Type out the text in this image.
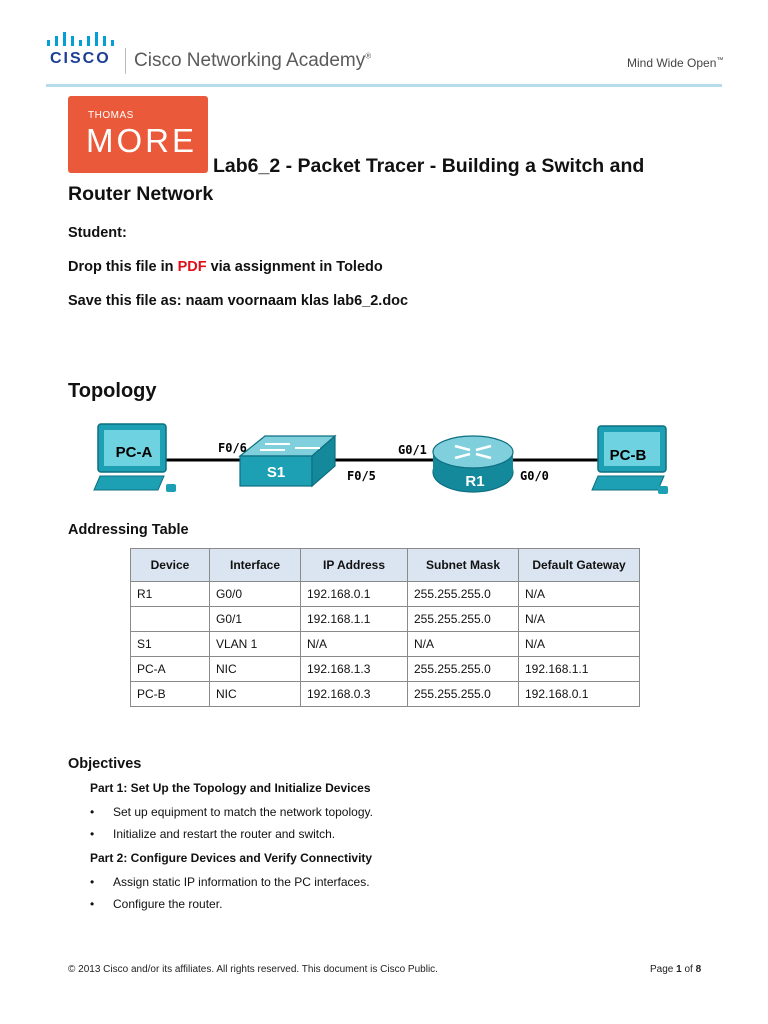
CISCO Cisco Networking Academy®	Mind Wide Open™
THOMAS
MORE
Lab6_2 - Packet Tracer - Building a Switch and
Router Network
Student:
Drop this file in PDF via assignment in Toledo
Save this file as: naam voornaam klas lab6_2.doc
Topology
PC-A
S1
R1
PC-B
F0/6
F0/5
G0/1
G0/0
Addressing Table
Device	Interface	IP Address	Subnet Mask	Default Gateway
R1	G0/0	192.168.0.1	255.255.255.0	N/A
	G0/1	192.168.1.1	255.255.255.0	N/A
S1	VLAN 1	N/A	N/A	N/A
PC-A	NIC	192.168.1.3	255.255.255.0	192.168.1.1
PC-B	NIC	192.168.0.3	255.255.255.0	192.168.0.1
Objectives
Part 1: Set Up the Topology and Initialize Devices
• Set up equipment to match the network topology.
• Initialize and restart the router and switch.
Part 2: Configure Devices and Verify Connectivity
• Assign static IP information to the PC interfaces.
• Configure the router.
© 2013 Cisco and/or its affiliates. All rights reserved. This document is Cisco Public.	Page 1 of 8
